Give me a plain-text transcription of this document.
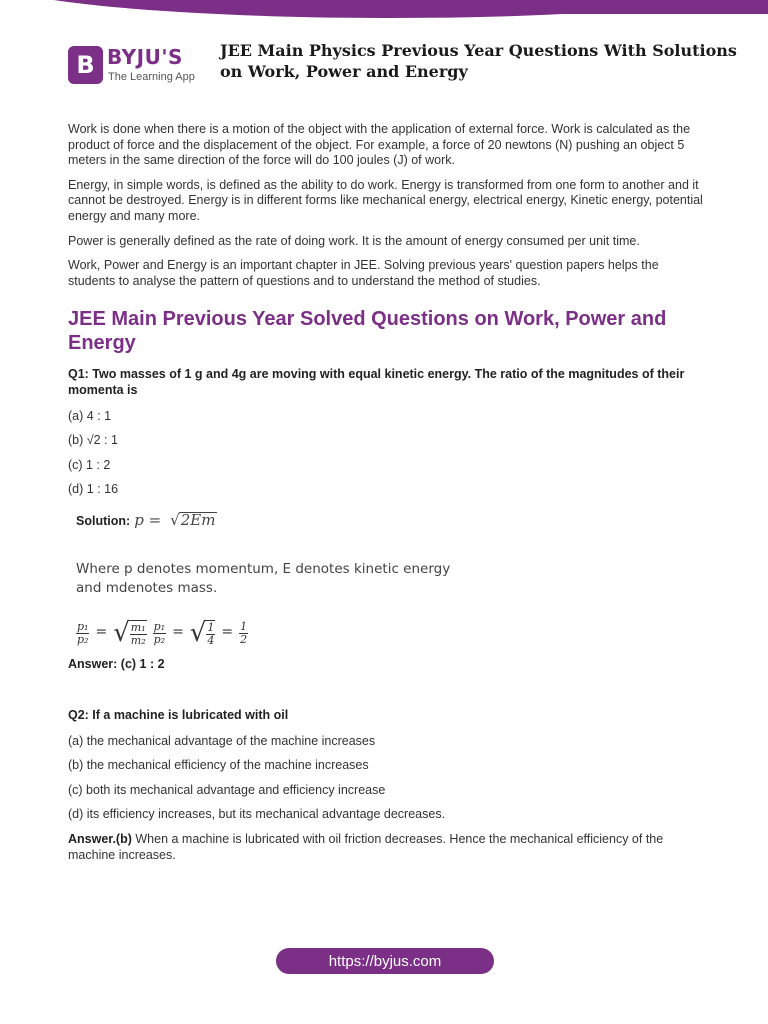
B BYJU'S
The Learning App
JEE Main Physics Previous Year Questions With Solutions on Work, Power and Energy

Work is done when there is a motion of the object with the application of external force. Work is calculated as the product of force and the displacement of the object. For example, a force of 20 newtons (N) pushing an object 5 meters in the same direction of the force will do 100 joules (J) of work.

Energy, in simple words, is defined as the ability to do work. Energy is transformed from one form to another and it cannot be destroyed. Energy is in different forms like mechanical energy, electrical energy, Kinetic energy, potential energy and many more.

Power is generally defined as the rate of doing work. It is the amount of energy consumed per unit time.

Work, Power and Energy is an important chapter in JEE. Solving previous years' question papers helps the students to analyse the pattern of questions and to understand the method of studies.

JEE Main Previous Year Solved Questions on Work, Power and Energy
Q1: Two masses of 1 g and 4g are moving with equal kinetic energy. The ratio of the magnitudes of their momenta is
(a) 4 : 1
(b) √2 : 1
(c) 1 : 2
(d) 1 : 16
Solution: p =  √2Em
Where p denotes momentum, E denotes kinetic energy
and mdenotes mass.
$\frac{\text{p₁}}{\text{p₂}}$ = √ $\frac{\text{m₁}}{\text{m₂}} \frac{\text{p₁}}{\text{p₂}}$ = √ $\frac{1}{4} = \frac{1}{2}$
Answer: (c) 1 : 2
Q2: If a machine is lubricated with oil
(a) the mechanical advantage of the machine increases
(b) the mechanical efficiency of the machine increases
(c) both its mechanical advantage and efficiency increase
(d) its efficiency increases, but its mechanical advantage decreases.
Answer.(b) When a machine is lubricated with oil friction decreases. Hence the mechanical efficiency of the machine increases.
https://byjus.com
